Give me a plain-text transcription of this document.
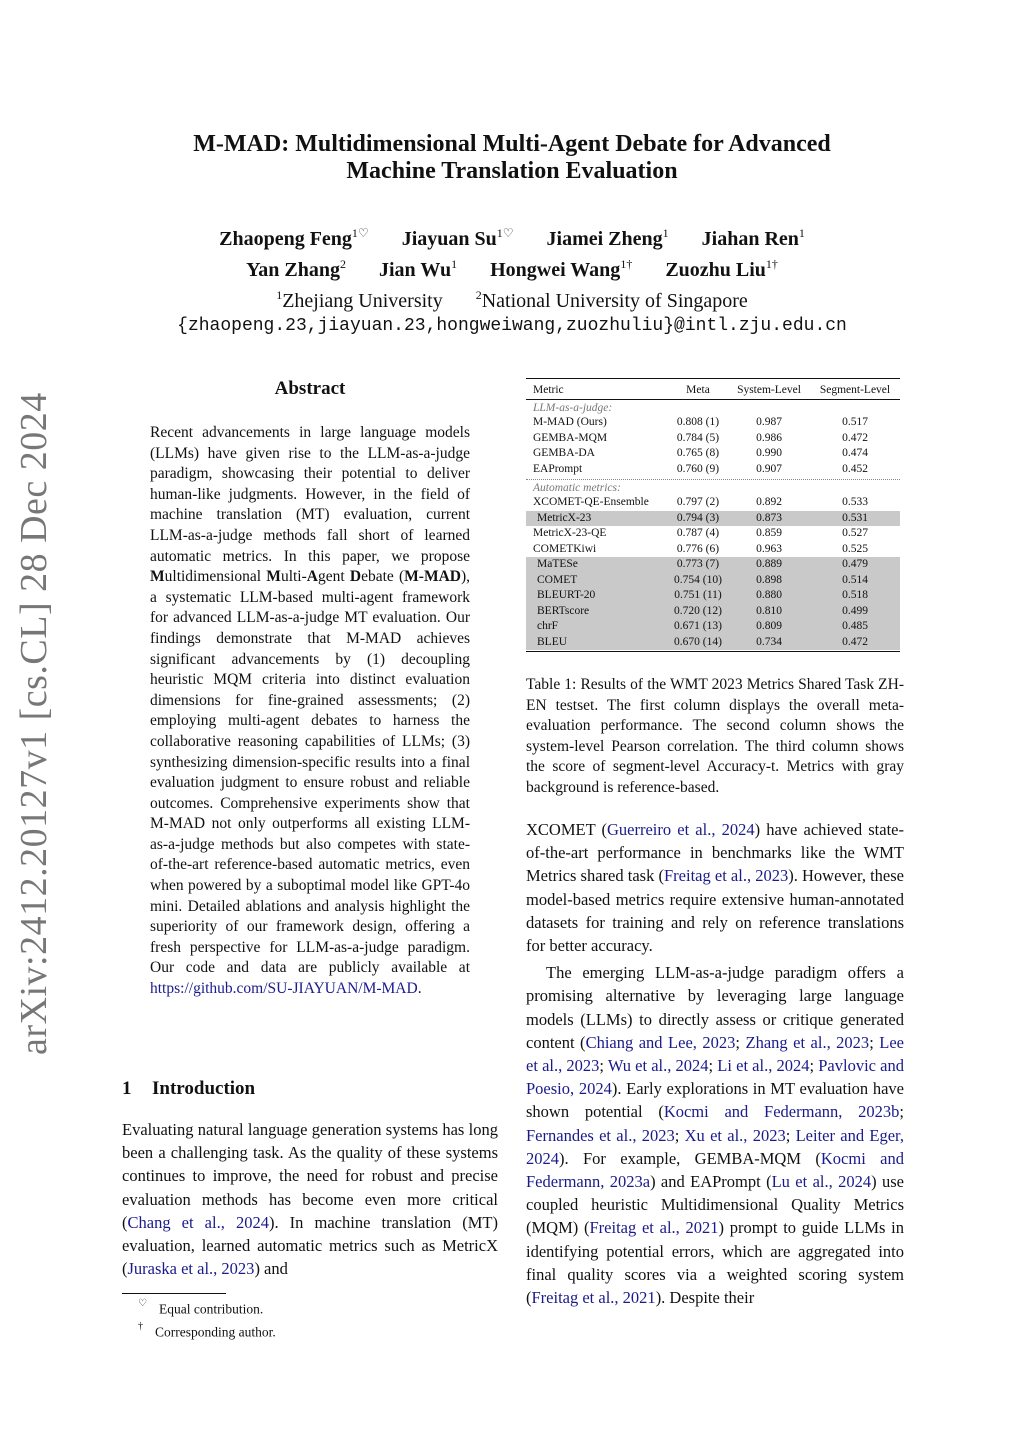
arXiv:2412.20127v1 [cs.CL] 28 Dec 2024
M-MAD: Multidimensional Multi-Agent Debate for Advanced
Machine Translation Evaluation
Zhaopeng Feng$^{1♡}$ Jiayuan $Su^{1♡}$ Jiamei Zheng$^1$ Jiahan Ren$^1$
Yan Zhang$^2$ Jian Wu$^1$ Hongwei Wang$^{1\dagger}$ Zuozhu Liu$^{1\dagger}$
$^1$Zhejiang University	$^2$National University of Singapore
{zhaopeng.23,jiayuan.23,hongweiwang,zuozhuliu}@intl.zju.edu.cn
Abstract
Recent advancements in large language models (LLMs) have given rise to the LLM-as-a-judge paradigm, showcasing their potential to deliver human-like judgments. However, in the field of machine translation (MT) evaluation, current LLM-as-a-judge methods fall short of learned automatic metrics. In this paper, we propose Multidimensional Multi-Agent Debate (M-MAD), a systematic LLM-based multi-agent framework for advanced LLM-as-a-judge MT evaluation. Our findings demonstrate that M-MAD achieves significant advancements by (1) decoupling heuristic MQM criteria into distinct evaluation dimensions for fine-grained assessments; (2) employing multi-agent debates to harness the collaborative reasoning capabilities of LLMs; (3) synthesizing dimension-specific results into a final evaluation judgment to ensure robust and reliable outcomes. Comprehensive experiments show that M-MAD not only outperforms all existing LLM-as-a-judge methods but also competes with state-of-the-art reference-based automatic metrics, even when powered by a suboptimal model like GPT-4o mini. Detailed ablations and analysis highlight the superiority of our framework design, offering a fresh perspective for LLM-as-a-judge paradigm. Our code and data are publicly available at https://github.com/SU-JIAYUAN/M-MAD.
1 Introduction
Evaluating natural language generation systems has long been a challenging task. As the quality of these systems continues to improve, the need for robust and precise evaluation methods has become even more critical (Chang et al., 2024). In machine translation (MT) evaluation, learned automatic metrics such as MetricX (Juraska et al., 2023) and
♡ Equal contribution.
† Corresponding author.
Metric	Meta	System-Level	Segment-Level
LLM-as-a-judge:
M-MAD (Ours)	0.808 (1)	0.987	0.517
GEMBA-MQM	0.784 (5)	0.986	0.472
GEMBA-DA	0.765 (8)	0.990	0.474
EAPrompt	0.760 (9)	0.907	0.452
Automatic metrics:
XCOMET-QE-Ensemble	0.797 (2)	0.892	0.533
MetricX-23	0.794 (3)	0.873	0.531
MetricX-23-QE	0.787 (4)	0.859	0.527
COMETKiwi	0.776 (6)	0.963	0.525
MaTESe	0.773 (7)	0.889	0.479
COMET	0.754 (10)	0.898	0.514
BLEURT-20	0.751 (11)	0.880	0.518
BERTscore	0.720 (12)	0.810	0.499
chrF	0.671 (13)	0.809	0.485
BLEU	0.670 (14)	0.734	0.472
Table 1: Results of the WMT 2023 Metrics Shared Task ZH-EN testset. The first column displays the overall meta-evaluation performance. The second column shows the system-level Pearson correlation. The third column shows the score of segment-level Accuracy-t. Metrics with gray background is reference-based.

XCOMET (Guerreiro et al., 2024) have achieved state-of-the-art performance in benchmarks like the WMT Metrics shared task (Freitag et al., 2023). However, these model-based metrics require extensive human-annotated datasets for training and rely on reference translations for better accuracy.

The emerging LLM-as-a-judge paradigm offers a promising alternative by leveraging large language models (LLMs) to directly assess or critique generated content (Chiang and Lee, 2023; Zhang et al., 2023; Lee et al., 2023; Wu et al., 2024; Li et al., 2024; Pavlovic and Poesio, 2024). Early explorations in MT evaluation have shown potential (Kocmi and Federmann, 2023b; Fernandes et al., 2023; Xu et al., 2023; Leiter and Eger, 2024). For example, GEMBA-MQM (Kocmi and Federmann, 2023a) and EAPrompt (Lu et al., 2024) use coupled heuristic Multidimensional Quality Metrics (MQM) (Freitag et al., 2021) prompt to guide LLMs in identifying potential errors, which are aggregated into final quality scores via a weighted scoring system (Freitag et al., 2021). Despite their
